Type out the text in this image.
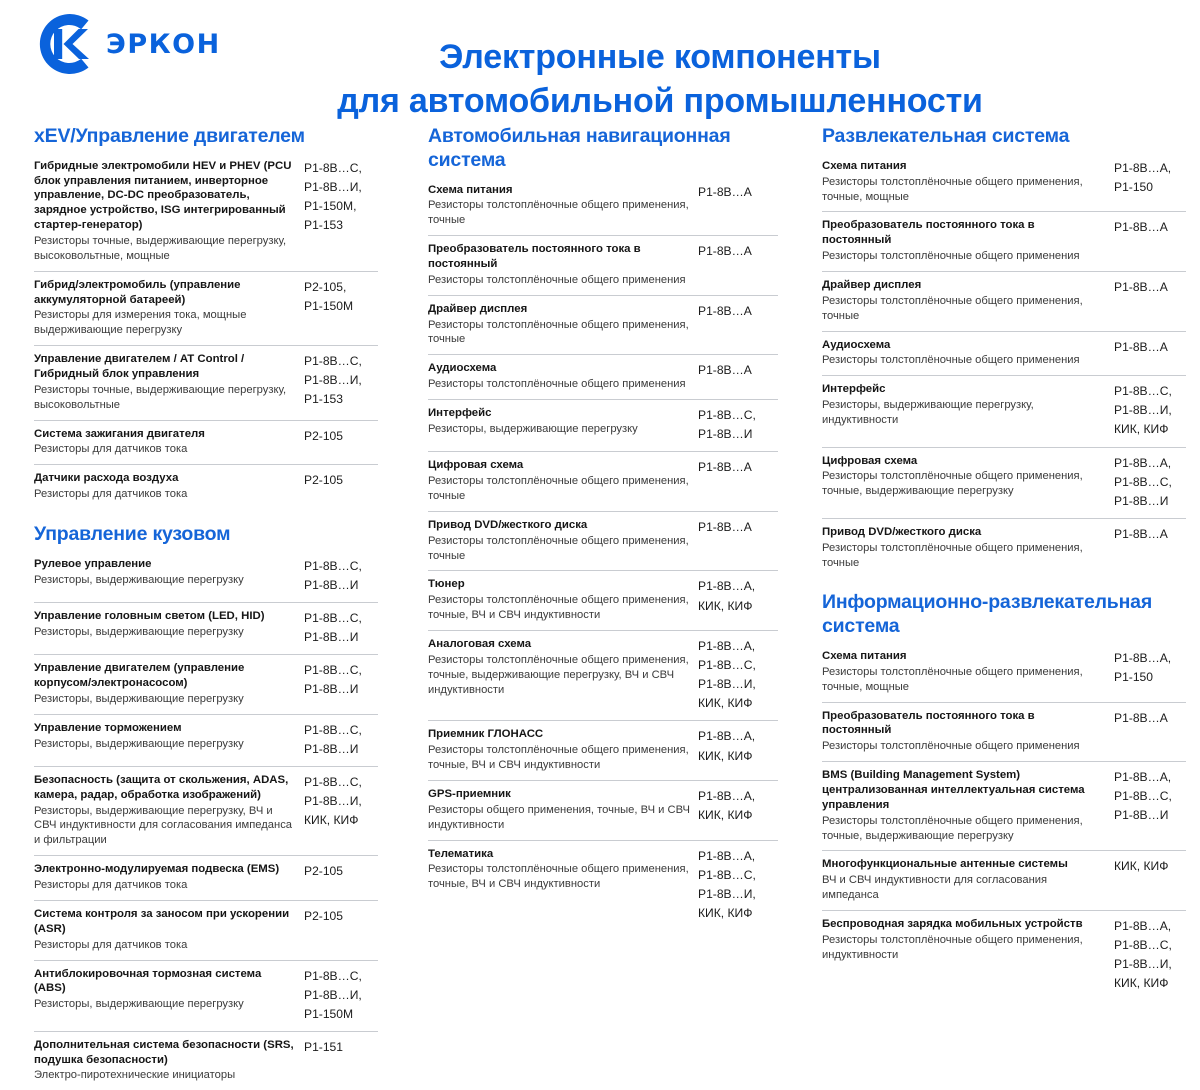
ЭРКОН	Электронные компоненты
для автомобильной промышленности
xEV/Управление двигателем
Гибридные электромобили HEV и PHEV (PCU блок управления питанием, инверторное управление, DC-DC преобразователь, зарядное устройство, ISG интегрированный стартер-генератор)
Резисторы точные, выдерживающие перегрузку, высоковольтные, мощные
Р1-8В…С,
Р1-8В…И,
Р1-150М,
Р1-153
Гибрид/электромобиль (управление аккумуляторной батареей)
Резисторы для измерения тока, мощные выдерживающие перегрузку
Р2-105,
Р1-150М
Управление двигателем / AT Control / Гибридный блок управления
Резисторы точные, выдерживающие перегрузку, высоковольтные
Р1-8В…С,
Р1-8В…И,
Р1-153
Система зажигания двигателя
Резисторы для датчиков тока
Р2-105
Датчики расхода воздуха
Резисторы для датчиков тока
Р2-105
Управление кузовом
Рулевое управление
Резисторы, выдерживающие перегрузку
Р1-8В…С,
Р1-8В…И
Управление головным светом (LED, HID)
Резисторы, выдерживающие перегрузку
Р1-8В…С,
Р1-8В…И
Управление двигателем (управление корпусом/электронасосом)
Резисторы, выдерживающие перегрузку
Р1-8В…С,
Р1-8В…И
Управление торможением
Резисторы, выдерживающие перегрузку
Р1-8В…С,
Р1-8В…И
Безопасность (защита от скольжения, ADAS, камера, радар, обработка изображений)
Резисторы, выдерживающие перегрузку, ВЧ и СВЧ индуктивности для согласования импеданса и фильтрации
Р1-8В…С,
Р1-8В…И,
КИК, КИФ
Электронно-модулируемая подвеска (EMS)
Резисторы для датчиков тока
Р2-105
Система контроля за заносом при ускорении (ASR)
Резисторы для датчиков тока
Р2-105
Антиблокировочная тормозная система (ABS)
Резисторы, выдерживающие перегрузку
Р1-8В…С,
Р1-8В…И,
Р1-150М
Дополнительная система безопасности (SRS, подушка безопасности)
Электро-пиротехнические инициаторы
Р1-151
Автомобильная навигационная система
Схема питания
Резисторы толстоплёночные общего применения, точные
Р1-8В…А
Преобразователь постоянного тока в постоянный
Резисторы толстоплёночные общего применения
Р1-8В…А
Драйвер дисплея
Резисторы толстоплёночные общего применения, точные
Р1-8В…А
Аудиосхема
Резисторы толстоплёночные общего применения
Р1-8В…А
Интерфейс
Резисторы, выдерживающие перегрузку
Р1-8В…С,
Р1-8В…И
Цифровая схема
Резисторы толстоплёночные общего применения, точные
Р1-8В…А
Привод DVD/жесткого диска
Резисторы толстоплёночные общего применения, точные
Р1-8В…А
Тюнер
Резисторы толстоплёночные общего применения, точные, ВЧ и СВЧ индуктивности
Р1-8В…А,
КИК, КИФ
Аналоговая схема
Резисторы толстоплёночные общего применения, точные, выдерживающие перегрузку, ВЧ и СВЧ индуктивности
Р1-8В…А,
Р1-8В…С,
Р1-8В…И,
КИК, КИФ
Приемник ГЛОНАСС
Резисторы толстоплёночные общего применения, точные, ВЧ и СВЧ индуктивности
Р1-8В…А,
КИК, КИФ
GPS-приемник
Резисторы общего применения, точные, ВЧ и СВЧ индуктивности
Р1-8В…А,
КИК, КИФ
Телематика
Резисторы толстоплёночные общего применения, точные, ВЧ и СВЧ индуктивности
Р1-8В…А,
Р1-8В…С,
Р1-8В…И,
КИК, КИФ
Развлекательная система
Схема питания
Резисторы толстоплёночные общего применения, точные, мощные
Р1-8В…А,
Р1-150
Преобразователь постоянного тока в постоянный
Резисторы толстоплёночные общего применения
Р1-8В…А
Драйвер дисплея
Резисторы толстоплёночные общего применения, точные
Р1-8В…А
Аудиосхема
Резисторы толстоплёночные общего применения
Р1-8В…А
Интерфейс
Резисторы, выдерживающие перегрузку, индуктивности
Р1-8В…С,
Р1-8В…И,
КИК, КИФ
Цифровая схема
Резисторы толстоплёночные общего применения, точные, выдерживающие перегрузку
Р1-8В…А,
Р1-8В…С,
Р1-8В…И
Привод DVD/жесткого диска
Резисторы толстоплёночные общего применения, точные
Р1-8В…А
Информационно-развлекательная система
Схема питания
Резисторы толстоплёночные общего применения, точные, мощные
Р1-8В…А,
Р1-150
Преобразователь постоянного тока в постоянный
Резисторы толстоплёночные общего применения
Р1-8В…А
BMS (Building Management System) централизованная интеллектуальная система управления
Резисторы толстоплёночные общего применения, точные, выдерживающие перегрузку
Р1-8В…А,
Р1-8В…С,
Р1-8В…И
Многофункциональные антенные системы
ВЧ и СВЧ индуктивности для согласования импеданса
КИК, КИФ
Беспроводная зарядка мобильных устройств
Резисторы толстоплёночные общего применения, индуктивности
Р1-8В…А,
Р1-8В…С,
Р1-8В…И,
КИК, КИФ
